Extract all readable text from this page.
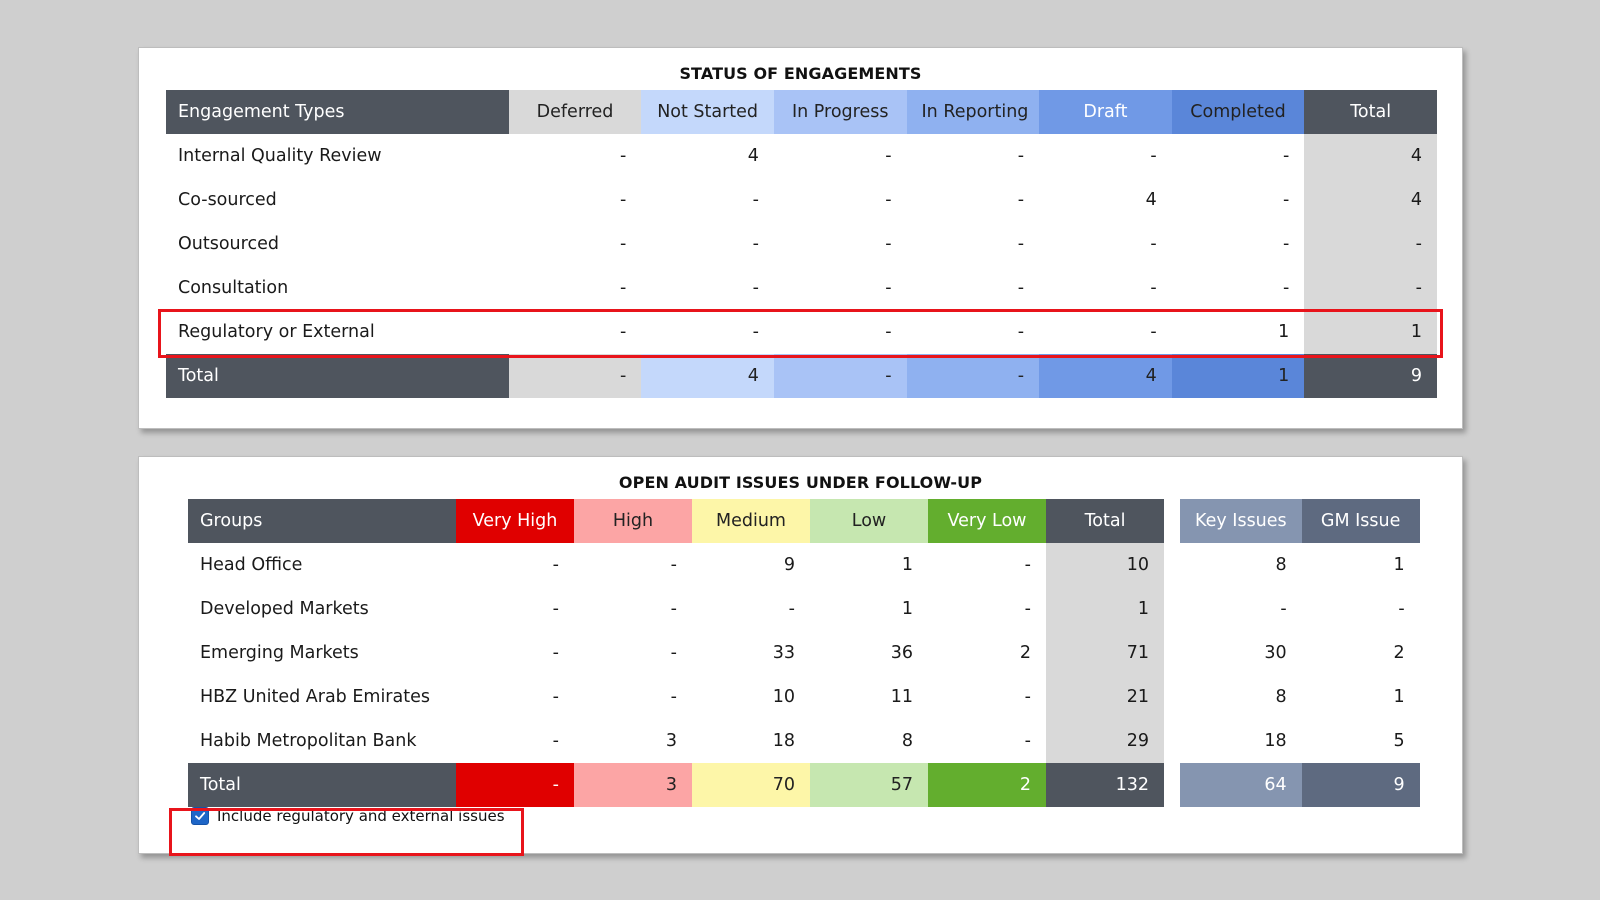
STATUS OF ENGAGEMENTS
Engagement Types	Deferred	Not Started	In Progress	In Reporting	Draft	Completed	Total
Internal Quality Review	-	4	-	-	-	-	4
Co-sourced	-	-	-	-	4	-	4
Outsourced	-	-	-	-	-	-	-
Consultation	-	-	-	-	-	-	-
Regulatory or External	-	-	-	-	-	1	1
Total	-	4	-	-	4	1	9
OPEN AUDIT ISSUES UNDER FOLLOW-UP
Groups	Very High	High	Medium	Low	Very Low	Total		Key Issues	GM Issue
Head Office	-	-	9	1	-	10		8	1
Developed Markets	-	-	-	1	-	1		-	-
Emerging Markets	-	-	33	36	2	71		30	2
HBZ United Arab Emirates	-	-	10	11	-	21		8	1
Habib Metropolitan Bank	-	3	18	8	-	29		18	5
Total	-	3	70	57	2	132		64	9
Include regulatory and external issues
